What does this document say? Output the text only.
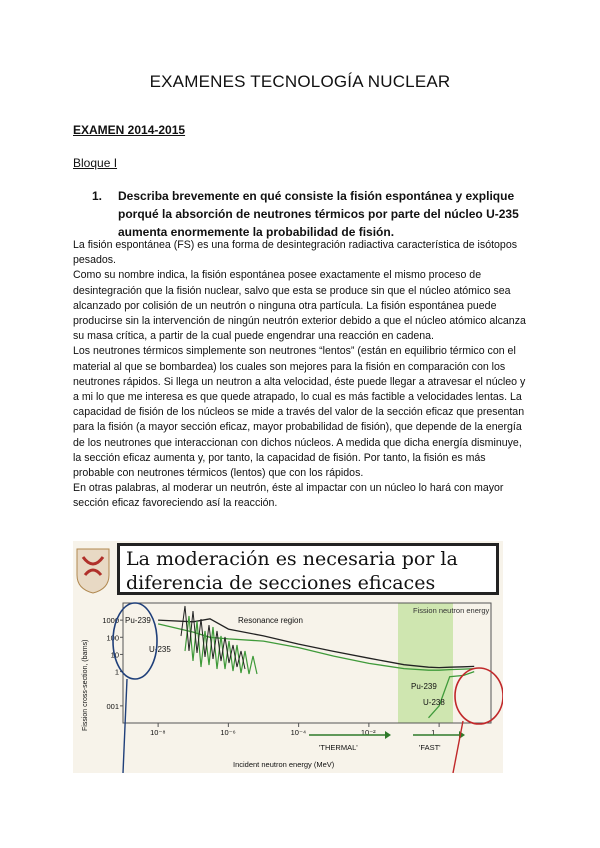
EXAMENES TECNOLOGÍA NUCLEAR
EXAMEN 2014-2015
Bloque I
1.	Describa brevemente en qué consiste la fisión espontánea y explique porqué la absorción de neutrones térmicos por parte del núcleo U-235 aumenta enormemente la probabilidad de fisión.

La fisión espontánea (FS) es una forma de desintegración radiactiva característica de isótopos pesados.

Como su nombre indica, la fisión espontánea posee exactamente el mismo proceso de desintegración que la fisión nuclear, salvo que esta se produce sin que el núcleo atómico sea alcanzado por colisión de un neutrón o ninguna otra partícula. La fisión espontánea puede producirse sin la intervención de ningún neutrón exterior debido a que el núcleo atómico alcanza su masa crítica, a partir de la cual puede engendrar una reacción en cadena.

Los neutrones térmicos simplemente son neutrones “lentos” (están en equilibrio térmico con el material al que se bombardea) los cuales son mejores para la fisión en comparación con los neutrones rápidos. Si llega un neutron a alta velocidad, éste puede llegar a atravesar el núcleo y a mi lo que me interesa es que quede atrapado, lo cual es más factible a velocidades lentas. La capacidad de fisión de los núcleos se mide a través del valor de la sección eficaz que presentan para la fisión (a mayor sección eficaz, mayor probabilidad de fisión), que depende de la energía de los neutrones que interaccionan con dichos núcleos. A medida que dicha energía disminuye, la sección eficaz aumenta y, por tanto, la capacidad de fisión. Por tanto, la fisión es más probable con neutrones térmicos (lentos) que con los rápidos.

En otras palabras, al moderar un neutrón, éste al impactar con un núcleo lo hará con mayor sección eficaz favoreciendo así la reacción.

La moderación es necesaria por la
diferencia de secciones eficaces
10⁻⁸	10⁻⁶	10⁻⁴	10⁻²	1
1000
100
10
1
001
Resonance region
Fission neutron energy
Pu-239
U-235
Pu-239
U-238
'THERMAL'	'FAST'
Incident neutron energy (MeV)
Fission cross-section, (barns)
